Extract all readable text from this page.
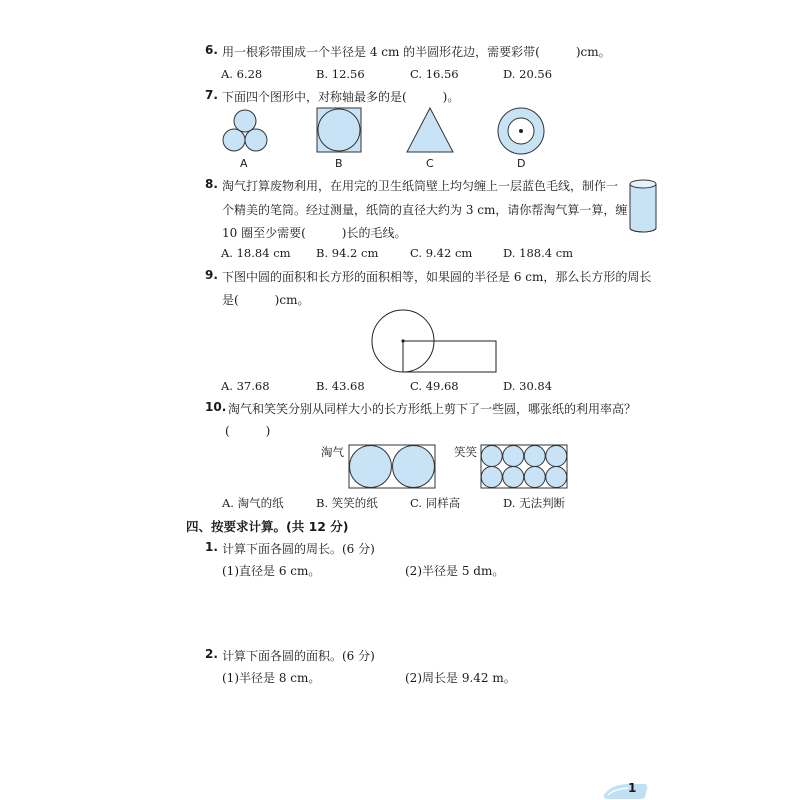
6. 用一根彩带围成一个半径是 4 cm 的半圆形花边，需要彩带(　　　)cm。
A. 6.28	B. 12.56	C. 16.56	D. 20.56
7. 下面四个图形中，对称轴最多的是(　　　)。
A	B	C	D
8. 淘气打算废物利用，在用完的卫生纸筒壁上均匀缠上一层蓝色毛线，制作一
个精美的笔筒。经过测量，纸筒的直径大约为 3 cm，请你帮淘气算一算，缠
10 圈至少需要(　　　)长的毛线。
A. 18.84 cm B. 94.2 cm	C. 9.42 cm	D. 188.4 cm
9. 下图中圆的面积和长方形的面积相等，如果圆的半径是 6 cm，那么长方形的周长
是(　　　)cm。
A. 37.68	B. 43.68	C. 49.68	D. 30.84
10. 淘气和笑笑分别从同样大小的长方形纸上剪下了一些圆，哪张纸的利用率高？
(　　　)
淘气	笑笑
A. 淘气的纸	B. 笑笑的纸	C. 同样高	D. 无法判断
四、按要求计算。(共 12 分)
1. 计算下面各圆的周长。(6 分)
(1)直径是 6 cm。	(2)半径是 5 dm。
2. 计算下面各圆的面积。(6 分)
(1)半径是 8 cm。	(2)周长是 9.42 m。
1
